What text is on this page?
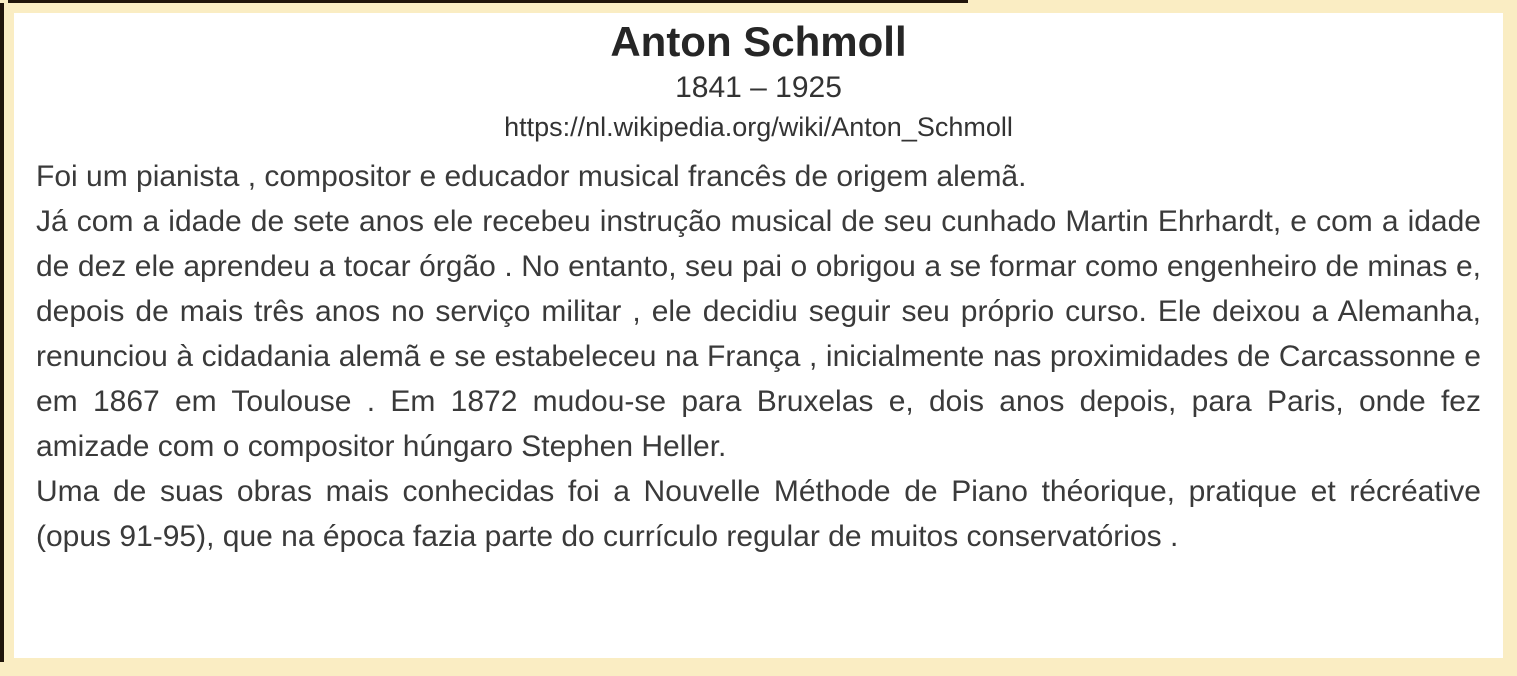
Anton Schmoll
1841 – 1925
https://nl.wikipedia.org/wiki/Anton_Schmoll

Foi um pianista , compositor e educador musical francês de origem alemã.

Já com a idade de sete anos ele recebeu instrução musical de seu cunhado Martin Ehrhardt, e com a idade de dez ele aprendeu a tocar órgão . No entanto, seu pai o obrigou a se formar como engenheiro de minas e, depois de mais três anos no serviço militar , ele decidiu seguir seu próprio curso. Ele deixou a Alemanha, renunciou à cidadania alemã e se estabeleceu na França , inicialmente nas proximidades de Carcassonne e em 1867 em Toulouse . Em 1872 mudou-se para Bruxelas e, dois anos depois, para Paris, onde fez amizade com o compositor húngaro Stephen Heller.

Uma de suas obras mais conhecidas foi a Nouvelle Méthode de Piano théorique, pratique et récréative (opus 91-95), que na época fazia parte do currículo regular de muitos conservatórios .
